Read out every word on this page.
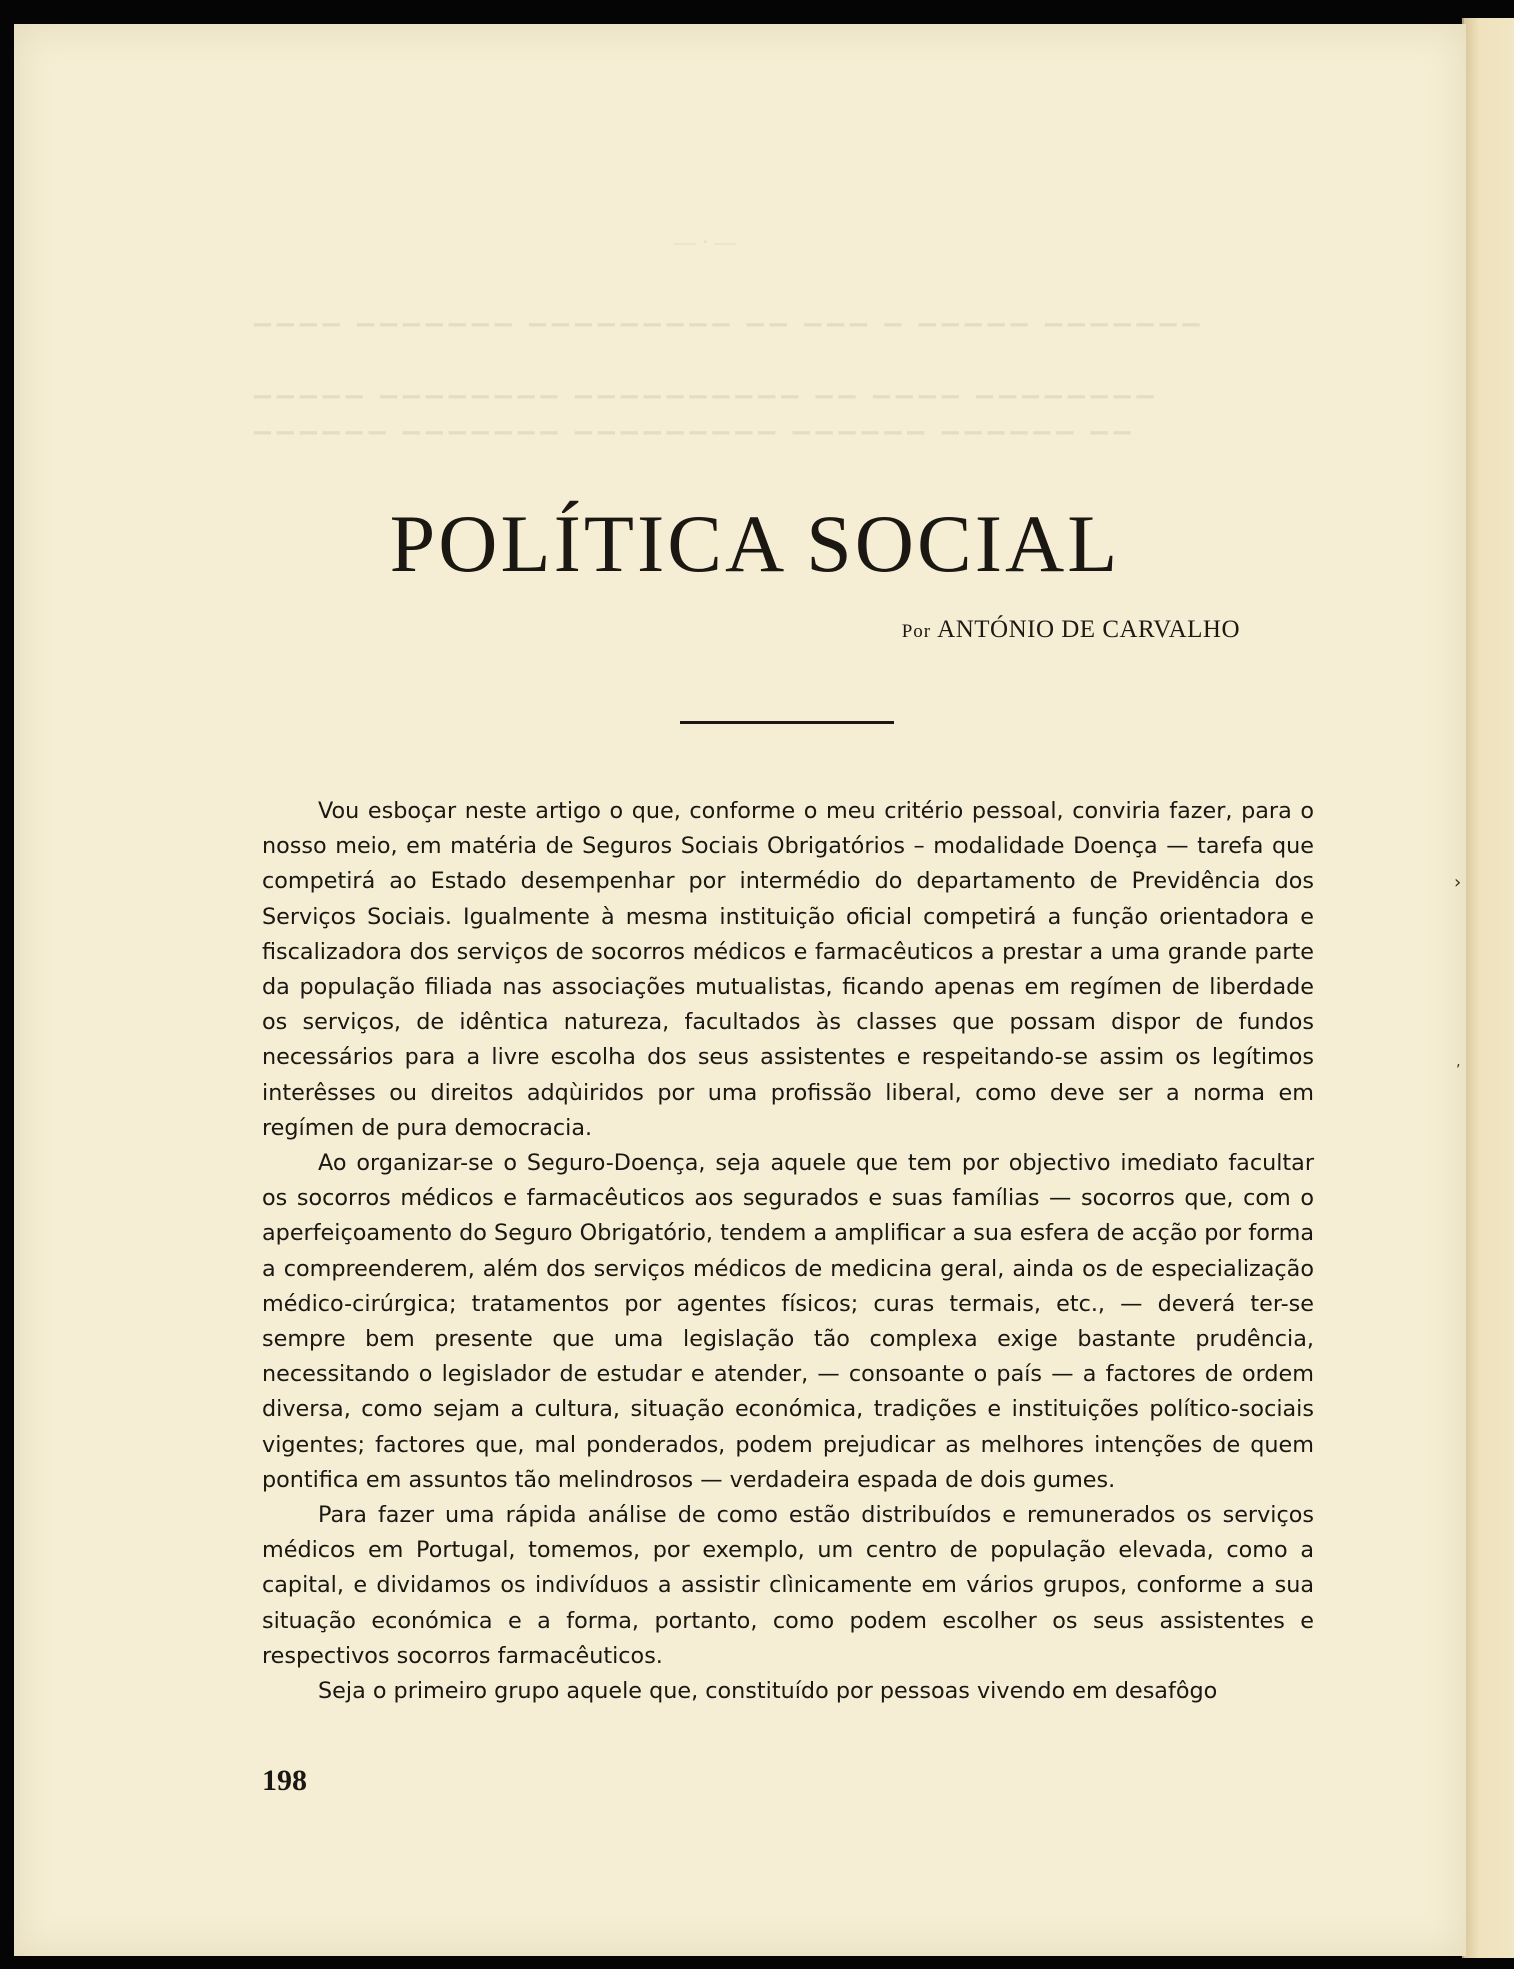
— · —

▁▁▁▁ ▁▁▁▁▁▁▁ ▁▁▁▁▁▁▁▁▁ ▁▁ ▁▁▁ ▁ ▁▁▁▁▁ ▁▁▁▁▁▁▁

▁▁▁▁▁ ▁▁▁▁▁▁▁▁ ▁▁▁▁▁▁▁▁▁▁ ▁▁ ▁▁▁▁ ▁▁▁▁▁▁▁▁
▁▁▁▁▁▁ ▁▁▁▁▁▁▁ ▁▁▁▁▁▁▁▁▁ ▁▁▁▁▁▁ ▁▁▁▁▁▁ ▁▁
POLÍTICA SOCIAL
Por ANTÓNIO DE CARVALHO

Vou esboçar neste artigo o que, conforme o meu critério pessoal, conviria fazer, para o nosso meio, em matéria de Seguros Sociais Obrigatórios – modalidade Doença — tarefa que competirá ao Estado desempenhar por intermédio do departamento de Previdência dos Serviços Sociais. Igualmente à mesma instituição oficial competirá a função orientadora e fiscalizadora dos serviços de socorros médicos e farmacêuticos a prestar a uma grande parte da população filiada nas associações mutualistas, ficando apenas em regímen de liberdade os serviços, de idêntica natureza, facultados às classes que possam dispor de fundos necessários para a livre escolha dos seus assistentes e respeitando-se assim os legítimos interêsses ou direitos adqùiridos por uma profissão liberal, como deve ser a norma em regímen de pura democracia.

Ao organizar-se o Seguro-Doença, seja aquele que tem por objectivo imediato facultar os socorros médicos e farmacêuticos aos segurados e suas famílias — socorros que, com o aperfeiçoamento do Seguro Obrigatório, tendem a amplificar a sua esfera de acção por forma a compreenderem, além dos serviços médicos de medicina geral, ainda os de especialização médico-cirúrgica; tratamentos por agentes físicos; curas termais, etc., — deverá ter-se sempre bem presente que uma legislação tão complexa exige bastante prudência, necessitando o legislador de estudar e atender, — consoante o país — a factores de ordem diversa, como sejam a cultura, situação económica, tradições e instituições político-sociais vigentes; factores que, mal ponderados, podem prejudicar as melhores intenções de quem pontifica em assuntos tão melindrosos — verdadeira espada de dois gumes.

Para fazer uma rápida análise de como estão distribuídos e remunerados os serviços médicos em Portugal, tomemos, por exemplo, um centro de população elevada, como a capital, e dividamos os indivíduos a assistir clìnicamente em vários grupos, conforme a sua situação económica e a forma, portanto, como podem escolher os seus assistentes e respectivos socorros farmacêuticos.

Seja o primeiro grupo aquele que, constituído por pessoas vivendo em desafôgo

198
›
‚
